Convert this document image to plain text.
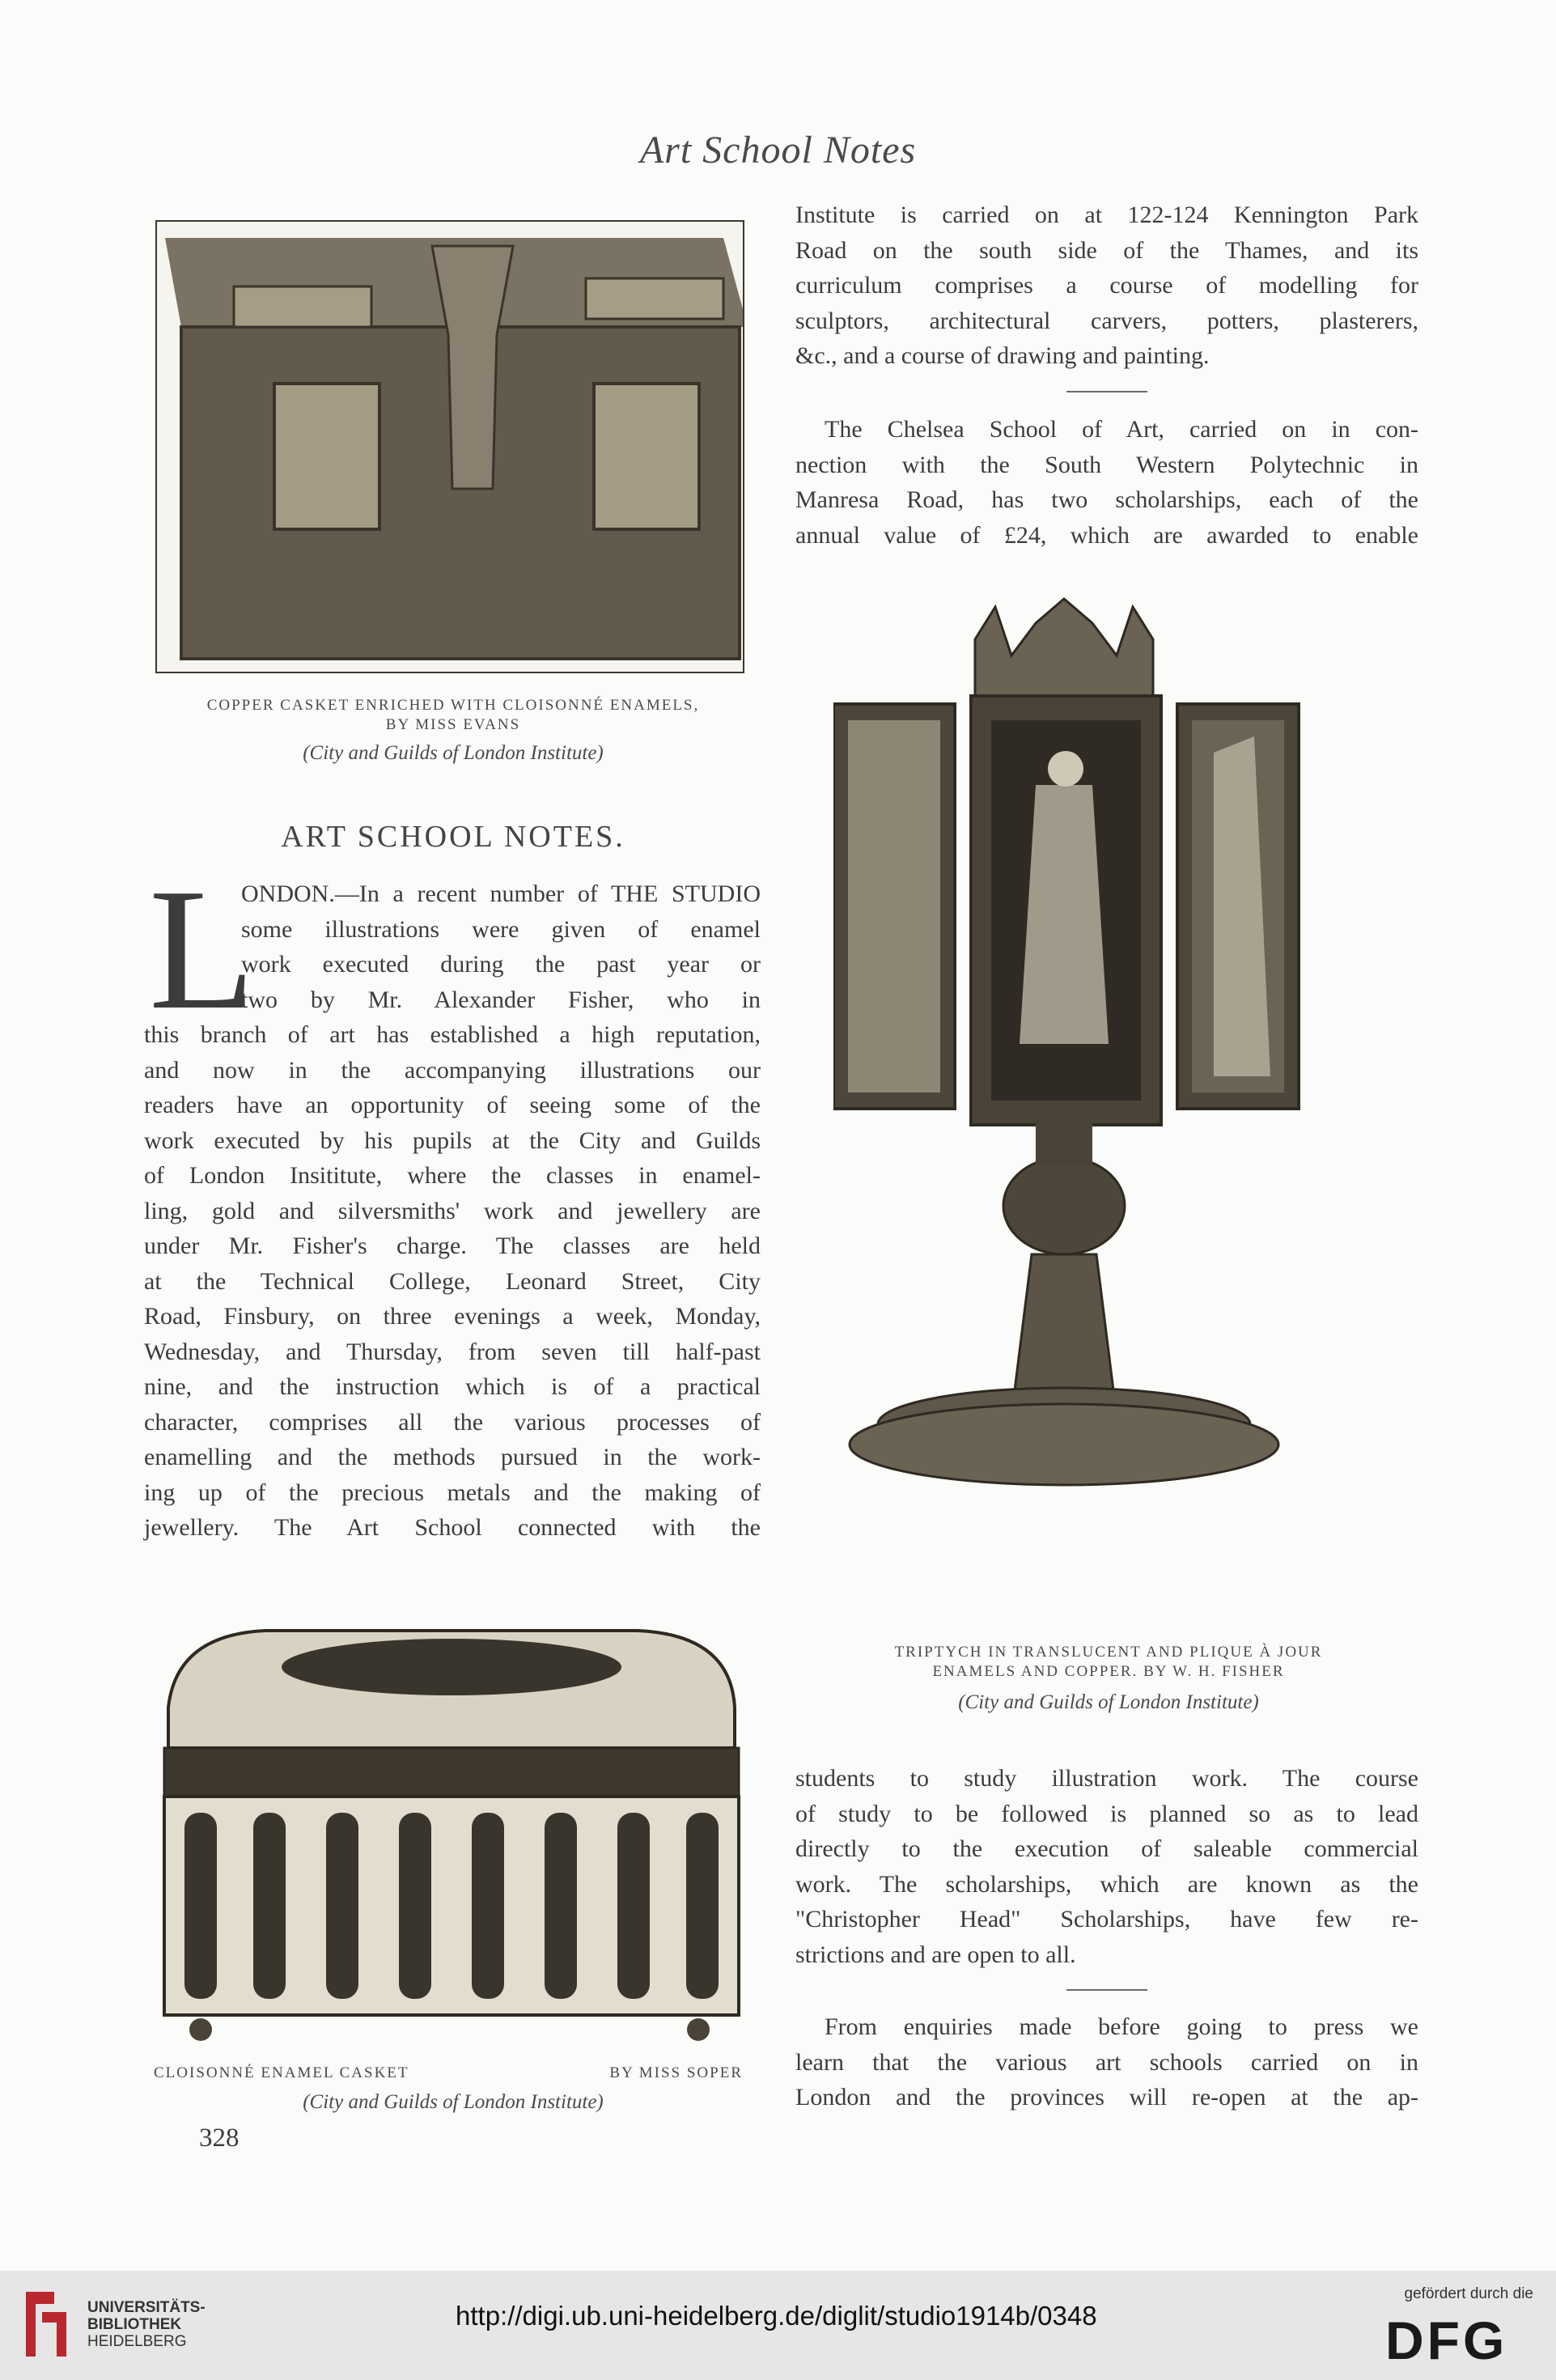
Art School Notes
COPPER CASKET ENRICHED WITH CLOISONNÉ ENAMELS,
BY MISS EVANS
(City and Guilds of London Institute)
ART SCHOOL NOTES.
L
ONDON.—In a recent number of THE STUDIO
some illustrations were given of enamel
work executed during the past year or
two by Mr. Alexander Fisher, who in
this branch of art has established a high reputation,
and now in the accompanying illustrations our
readers have an opportunity of seeing some of the
work executed by his pupils at the City and Guilds
of London Insititute, where the classes in enamel-
ling, gold and silversmiths' work and jewellery are
under Mr. Fisher's charge. The classes are held
at the Technical College, Leonard Street, City
Road, Finsbury, on three evenings a week, Monday,
Wednesday, and Thursday, from seven till half-past
nine, and the instruction which is of a practical
character, comprises all the various processes of
enamelling and the methods pursued in the work-
ing up of the precious metals and the making of
jewellery. The Art School connected with the
Institute is carried on at 122-124 Kennington Park
Road on the south side of the Thames, and its
curriculum comprises a course of modelling for
sculptors, architectural carvers, potters, plasterers,
&c., and a course of drawing and painting.
The Chelsea School of Art, carried on in con-
nection with the South Western Polytechnic in
Manresa Road, has two scholarships, each of the
annual value of £24, which are awarded to enable
TRIPTYCH IN TRANSLUCENT AND PLIQUE À JOUR
ENAMELS AND COPPER. BY W. H. FISHER
(City and Guilds of London Institute)
students to study illustration work. The course
of study to be followed is planned so as to lead
directly to the execution of saleable commercial
work. The scholarships, which are known as the
"Christopher Head" Scholarships, have few re-
strictions and are open to all.
From enquiries made before going to press we
learn that the various art schools carried on in
London and the provinces will re-open at the ap-
CLOISONNÉ ENAMEL CASKET	BY MISS SOPER
(City and Guilds of London Institute)
328
UNIVERSITÄTS-
BIBLIOTHEK
HEIDELBERG
http://digi.ub.uni-heidelberg.de/diglit/studio1914b/0348
gefördert durch die
DFG
